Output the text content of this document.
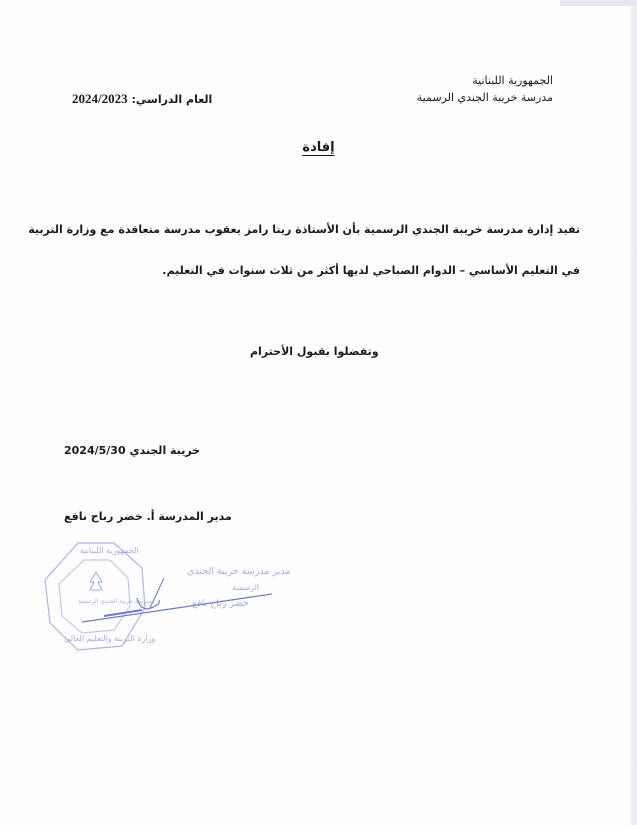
الجمهورية اللبنانية
مدرسة خريبة الجندي الرسمية
العام الدراسي: 2024/2023
إفادة
تفيد إدارة مدرسة خريبة الجندي الرسمية بأن الأستاذة ريتا رامز يعقوب مدرسة متعاقدة مع وزارة التربية
في التعليم الأساسي – الدوام الصباحي لديها أكثر من ثلاث سنوات في التعليم.
وتفضلوا بقبول الأحترام
خريبة الجندي 2024/5/30
مدير المدرسة أ. خضر رباح نافع
الجمهورية اللبنانية
وزارة التربية والتعليم العالي
مدرسة خريبة الجندي الرسمية
مدير مدرسة خريبة الجندي
الرسمية
خضر رباح نافع
